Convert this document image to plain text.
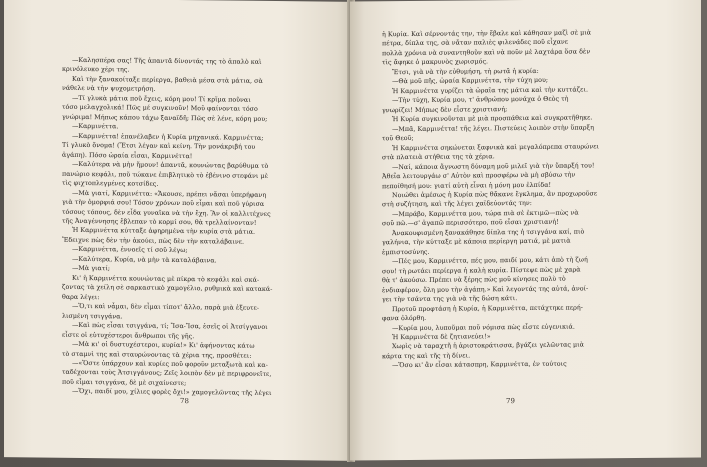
—Καλησπέρα σας! Τῆς ἀπαντᾶ δίνοντάς της τὸ ἁπαλὸ καὶ

κρινόλευκο χέρι της.

Καὶ τὴν ξανακοίταξε περίεργα, βαθειὰ μέσα στὰ μάτια, σὰ

νάθελε νὰ τὴν ψυχομετρήση.

—Τί γλυκὰ μάτια ποῦ ἔχεις, κόρη μου! Τί κρῖμα ποῦναι

τόσο μελαγχολικά! Πῶς μέ συγκινοῦν! Μοῦ φαίνονται τόσο

γνώριμα! Μήπως κάπου τάχω ξαναϊδῆ; Πῶς σὲ λένε, κόρη μου;

—Καρμινέττα.

—Καρμινέττα! ἐπανέλαβεν ἡ Κυρία μηχανικά. Καρμινέττα;

Τί γλυκὸ ὄνομα! (Ἔτσι λέγαν καὶ κείνη. Τὴν μονάκριβή του

ἀγάπη). Πόσο ὡραία εἶσαι, Καρμινέττα!

—Καλύτερα νὰ μὴν ἤμουν! ἀπαντᾶ, κουνώντας βαρύθυμα τὸ

πανώριο κεφάλι, ποῦ τώκανε ἐπιβλητικὸ τὸ ἐβένινο στεφάνι μὲ

τὶς φιχτοπλεγμένες κοτσίδες.

—Μὰ γιατί, Καρμινέττα: «Ἄκουσε, πρέπει νἄσαι ὑπερήφανη

γιὰ τὴν ὀμορφιά σου! Τόσον χρόνων ποῦ εἶμαι καὶ ποῦ γύρισα

τόσους τόπους, δὲν εἶδα γυναῖκα νὰ τὴν ἔχη. Ἂν οἱ καλλιτέχνες

τῆς Ἀναγέννησης ἔβλεπαν τὸ κορμί σου, θὰ τρελλαίνονταν!

Ἡ Καρμινέττα κύτταξε ἀφηρημένα τὴν κυρία στὰ μάτια.

Ἔδειχνε πὼς δὲν τὴν ἀκούει, πὼς δὲν τὴν καταλάβαινε.

—Καρμινέττα, ἐννοεῖς τί σοῦ λέγω;

—Καλύτερα, Κυρία, νὰ μὴν τὰ καταλάβαινα.

—Μὰ γιατί;

Κι' ἡ Καρμινέττα κουνώντας μὲ πίκρα τὸ κεφάλι καὶ σκά-

ζοντας τὰ χείλη σὲ σαρκαστικὸ χαμογέλιο, ρυθμικὰ καὶ κατακά-

θαρα λέγει:

—Ὅ,τι καὶ νἆμαι, δὲν εἶμαι τίποτ' ἄλλο, παρὰ μιὰ ἐξευτε-

λισμένη τσιγγάνα.

—Καὶ πὼς εἶσαι τσιγγάνα, τί; Ἴσα-Ἴσα, ἐσεῖς οἱ Ἀτσίγγανοι

εἶστε οἱ εὐτυχέστεροι ἄνθρωποι τῆς γῆς.

—Μὰ κι' οἱ δυστυχέστεροι, κυρία!» Κι' ἀφήνοντας κάτω

τὸ σταμνὶ της καὶ σταυρώνοντας τὰ χέρια της, προσθέτει:

—«Ὅστε ὑπάρχουν καὶ κυρίες ποῦ φοροῦν μεταξωτὰ καὶ κα-

ταδέχονται τοὺς Ἀτσιγγάνους; Ζεῖς λοιπὸν δὲν μὲ περιφρονεῖτε,

ποῦ εἶμαι τσιγγάνα, δὲ μὲ σιχαίνεστε;

—Ὄχι, παιδί μου, χίλιες φορὲς ὄχι!» χαμογελῶντας τῆς λέγει

78

ἡ Κυρία. Καὶ σέρνοντάς την, τὴν ἔβαλε καὶ κάθησαν μαζὶ σὲ μιὰ

πέτρα, δίπλα της, σὰ νἄταν παλιὲς φιλενάδες ποῦ εἶχανε

πολλὰ χρόνια νὰ συναντηθοῦν καὶ νὰ ποῦν μὲ λαχτάρα ὅσα δὲν

τὶς ἄφηκε ὁ μακρυνὸς χωρισμός.

Ἔτσι, γιὰ νὰ τὴν εὐθυμήση, τὴ ρωτᾶ ἡ κυρία:

—Θὰ μοῦ πῆς, ὡραία Καρμινέττα, τὴν τύχη μου;

Ἡ Καρμινέττα γυρίζει τὰ ὡραῖα της μάτια καὶ τὴν κυττάζει.

—Τὴν τύχη, Κυρία μου, τ' ἀνθρώπου μονάχα ὁ Θεὸς τὴ

γνωρίζει! Μήπως δὲν εἶστε χριστιανή;

Ἡ Κυρία συγκινοῦνται μὲ μιὰ προσπάθεια καὶ συγκρατῆθηκε.

—Μπᾶ, Καρμινέττα! τῆς λέγει. Πιστεύεις λοιπὸν στὴν ὕπαρξη

τοῦ Θεοῦ;

Ἡ Καρμινέττα σηκώνεται ξαφνικὰ καὶ μεγαλόπρεπα σταυρώνει

στὰ πλατειὰ στήθεια της τὰ χέρια.

—Ναί, κάποια ἄγνωστη δύναμη μοῦ μιλεῖ γιὰ τὴν ὕπαρξή του!

Ἀθεΐα λειτουργάω σ' Αὐτὸν καὶ προσφέρω νὰ μὴ σβύσω τὴν

πεποίθησή μου: γιατί αὐτὴ εἶναι ἡ μόνη μου ἐλπίδα!

Νοιώθει ἀμέσως ἡ Κυρία πὼς θἄκανε ἔγκλημα, ἂν προχωροῦσε

στὴ συζήτηση, καὶ τῆς λέγει χαϊδεύοντάς την:

—Μπράβο, Καρμινέττα μου, τώρα πιὰ σὲ ἐκτιμῶ—πὼς νὰ

σοῦ πῶ.—σ' ἀγαπῶ περισσότερο, ποῦ εἶσαι χριστιανή!

Ἀνακουφισμένη ξανακάθησε δίπλα της ἡ τσιγγάνα καί, πιὸ

γαλήνια, τὴν κύτταξε μὲ κάποια περίεργη ματιά, μὲ ματιὰ

ἐμπιστοσύνης.

—Πές μου, Καρμινέττα, πές μου, παιδί μου, κάτι ἀπὸ τὴ ζωή

σου! τὴ ρωτάει περίεργα ἡ καλὴ κυρία. Πίστεψε πὼς μὲ χαρὰ

θὰ τ' ἀκούσω. Πρέπει νὰ ξέρης πὼς μοῦ κίνησες πολὺ τὸ

ἐνδιαφέρον, ὅλη μου τὴν ἀγάπη.» Καὶ λεγοντάς της αὐτά, ἀνοί-

γει τὴν τσάντα της γιὰ νὰ τῆς δώση κάτι.

Προτοῦ προφτάση ἡ Κυρία, ἡ Καρμινέττα, πετάχτηκε περή-

φανα ὀλόρθη.

—Κυρία μου, λυποῦμαι ποῦ νόμισα πὼς εἶστε εὐγενικιά.

Ἡ Καρμινέττα δὲ ζητιανεύει!»

Χωρὶς νὰ ταραχτῆ ἡ ἀριστοκράτισσα, βγάζει γελῶντας μιὰ

κάρτα της καὶ τῆς τὴ δίνει.

—Ὅσο κι' ἂν εἶσαι κάτασπρη, Καρμινέττα, ἐν τούτοις

79
